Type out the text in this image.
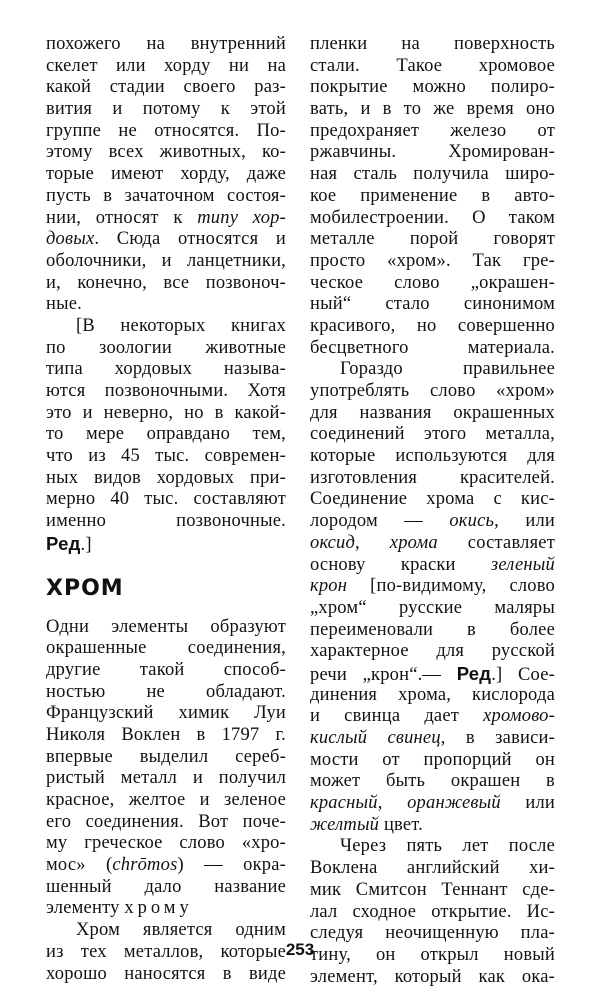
похожего на внутренний
скелет или хорду ни на
какой стадии своего раз-
вития и потому к этой
группе не относятся. По-
этому всех животных, ко-
торые имеют хорду, даже
пусть в зачаточном состоя-
нии, относят к типу хор-
довых. Сюда относятся и
оболочники, и ланцетники,
и, конечно, все позвоноч-
ные.
[В некоторых книгах
по зоологии животные
типа хордовых называ-
ются позвоночными. Хотя
это и неверно, но в какой-
то мере оправдано тем,
что из 45 тыс. современ-
ных видов хордовых при-
мерно 40 тыс. составляют
именно позвоночные.
Ред.]
ХРОМ
Одни элементы образуют
окрашенные соединения,
другие такой способ-
ностью не обладают.
Французский химик Луи
Николя Воклен в 1797 г.
впервые выделил сереб-
ристый металл и получил
красное, желтое и зеленое
его соединения. Вот поче-
му греческое слово «хро-
мос» (chrōmos) — окра-
шенный дало название
элементу хрому
Хром является одним
из тех металлов, которые
хорошо наносятся в виде
пленки на поверхность
стали. Такое хромовое
покрытие можно полиро-
вать, и в то же время оно
предохраняет железо от
ржавчины. Хромирован-
ная сталь получила широ-
кое применение в авто-
мобилестроении. О таком
металле порой говорят
просто «хром». Так гре-
ческое слово „окрашен-
ный“ стало синонимом
красивого, но совершенно
бесцветного материала.
Гораздо правильнее
употреблять слово «хром»
для названия окрашенных
соединений этого металла,
которые используются для
изготовления красителей.
Соединение хрома с кис-
лородом — окись, или
оксид, хрома составляет
основу краски зеленый
крон [по-видимому, слово
„хром“ русские маляры
переименовали в более
характерное для русской
речи „крон“.— Ред.] Сое-
динения хрома, кислорода
и свинца дает хромово-
кислый свинец, в зависи-
мости от пропорций он
может быть окрашен в
красный, оранжевый или
желтый цвет.
Через пять лет после
Воклена английский хи-
мик Смитсон Теннант сде-
лал сходное открытие. Ис-
следуя неочищенную пла-
тину, он открыл новый
элемент, который как ока-
253
